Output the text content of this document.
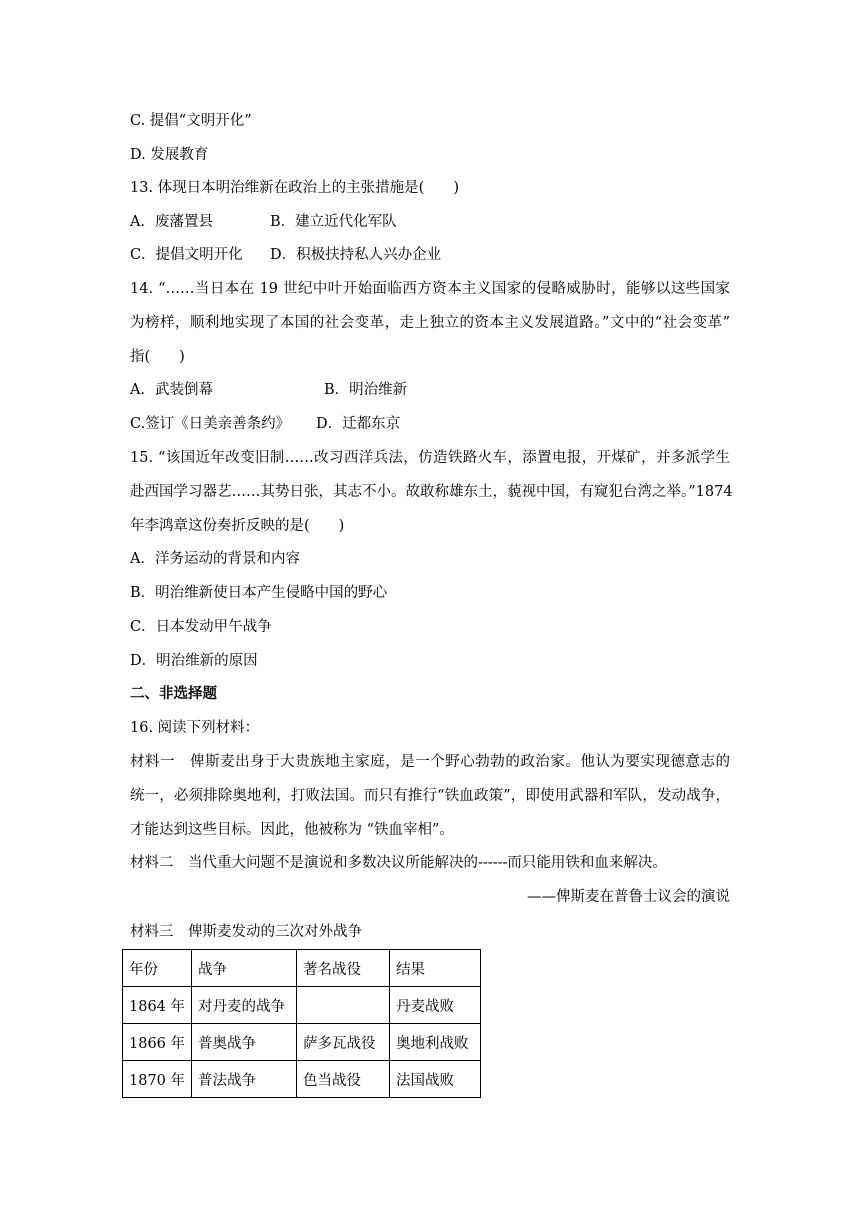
C. 提倡“文明开化”
D. 发展教育
13. 体现日本明治维新在政治上的主张措施是(　　)
A．废藩置县	B．建立近代化军队
C．提倡文明开化 D．积极扶持私人兴办企业
14. “……当日本在 19 世纪中叶开始面临西方资本主义国家的侵略威胁时，能够以这些国家
为榜样，顺利地实现了本国的社会变革，走上独立的资本主义发展道路。”文中的“社会变革”
指(　　)
A．武装倒幕	B．明治维新
C.签订《日美亲善条约》 D．迁都东京
15. “该国近年改变旧制……改习西洋兵法，仿造铁路火车，添置电报，开煤矿，并多派学生
赴西国学习器艺……其势日张，其志不小。故敢称雄东土，藐视中国，有窥犯台湾之举。”1874
年李鸿章这份奏折反映的是(　　)
A．洋务运动的背景和内容
B．明治维新使日本产生侵略中国的野心
C．日本发动甲午战争
D．明治维新的原因
二、非选择题
16. 阅读下列材料：
材料一　俾斯麦出身于大贵族地主家庭，是一个野心勃勃的政治家。他认为要实现德意志的
统一，必须排除奥地利，打败法国。而只有推行“铁血政策”，即使用武器和军队，发动战争，
才能达到这些目标。因此，他被称为 “铁血宰相”。
材料二　当代重大问题不是演说和多数决议所能解决的------而只能用铁和血来解决。
——俾斯麦在普鲁士议会的演说
材料三　俾斯麦发动的三次对外战争
年份	战争	著名战役	结果
1864 年	对丹麦的战争		丹麦战败
1866 年	普奥战争	萨多瓦战役	奥地利战败
1870 年	普法战争	色当战役	法国战败
